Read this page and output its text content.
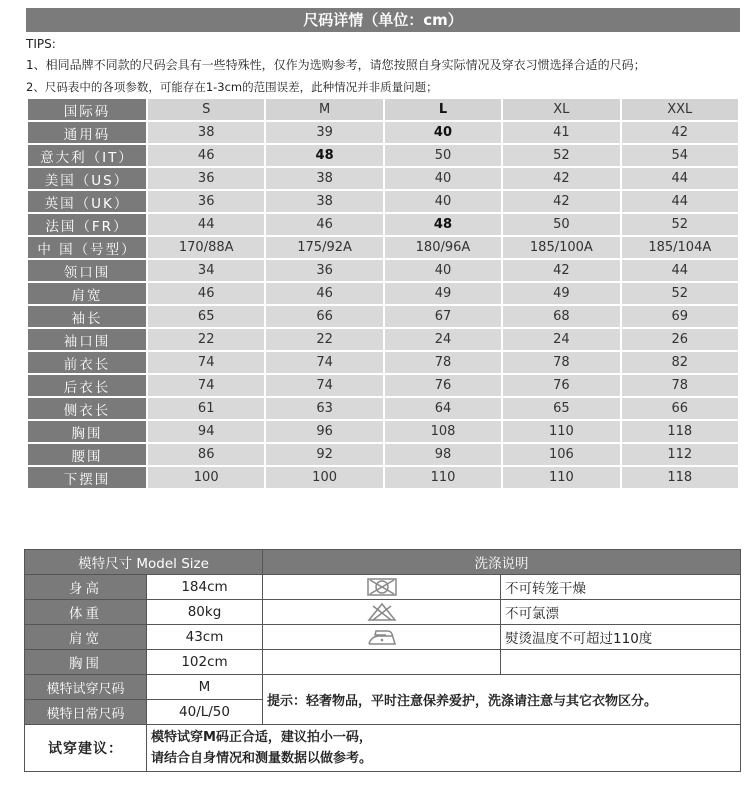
尺码详情（单位：cm）
TIPS:
1、相同品牌不同款的尺码会具有一些特殊性，仅作为选购参考，请您按照自身实际情况及穿衣习惯选择合适的尺码；
2、尺码表中的各项参数，可能存在1-3cm的范围误差，此种情况并非质量问题；
国际码	S	M	L	XL	XXL
通用码	38	39	40	41	42
意大利（IT）	46	48	50	52	54
美国（US）	36	38	40	42	44
英国（UK）	36	38	40	42	44
法国（FR）	44	46	48	50	52
中 国（号型）	170/88A	175/92A	180/96A	185/100A	185/104A
领口围	34	36	40	42	44
肩宽	46	46	49	49	52
袖长	65	66	67	68	69
袖口围	22	22	24	24	26
前衣长	74	74	78	78	82
后衣长	74	74	76	76	78
侧衣长	61	63	64	65	66
胸围	94	96	108	110	118
腰围	86	92	98	106	112
下摆围	100	100	110	110	118
模特尺寸 Model Size		洗涤说明	
身高	184cm		不可转笼干燥
体重	80kg		不可氯漂
肩宽	43cm		熨烫温度不可超过110度
胸围	102cm		
模特试穿尺码	M	提示：轻奢物品，平时注意保养爱护，洗涤请注意与其它衣物区分。	
模特日常尺码	40/L/50		
试穿建议：	模特试穿M码正合适，建议拍小一码，
请结合自身情况和测量数据以做参考。		
